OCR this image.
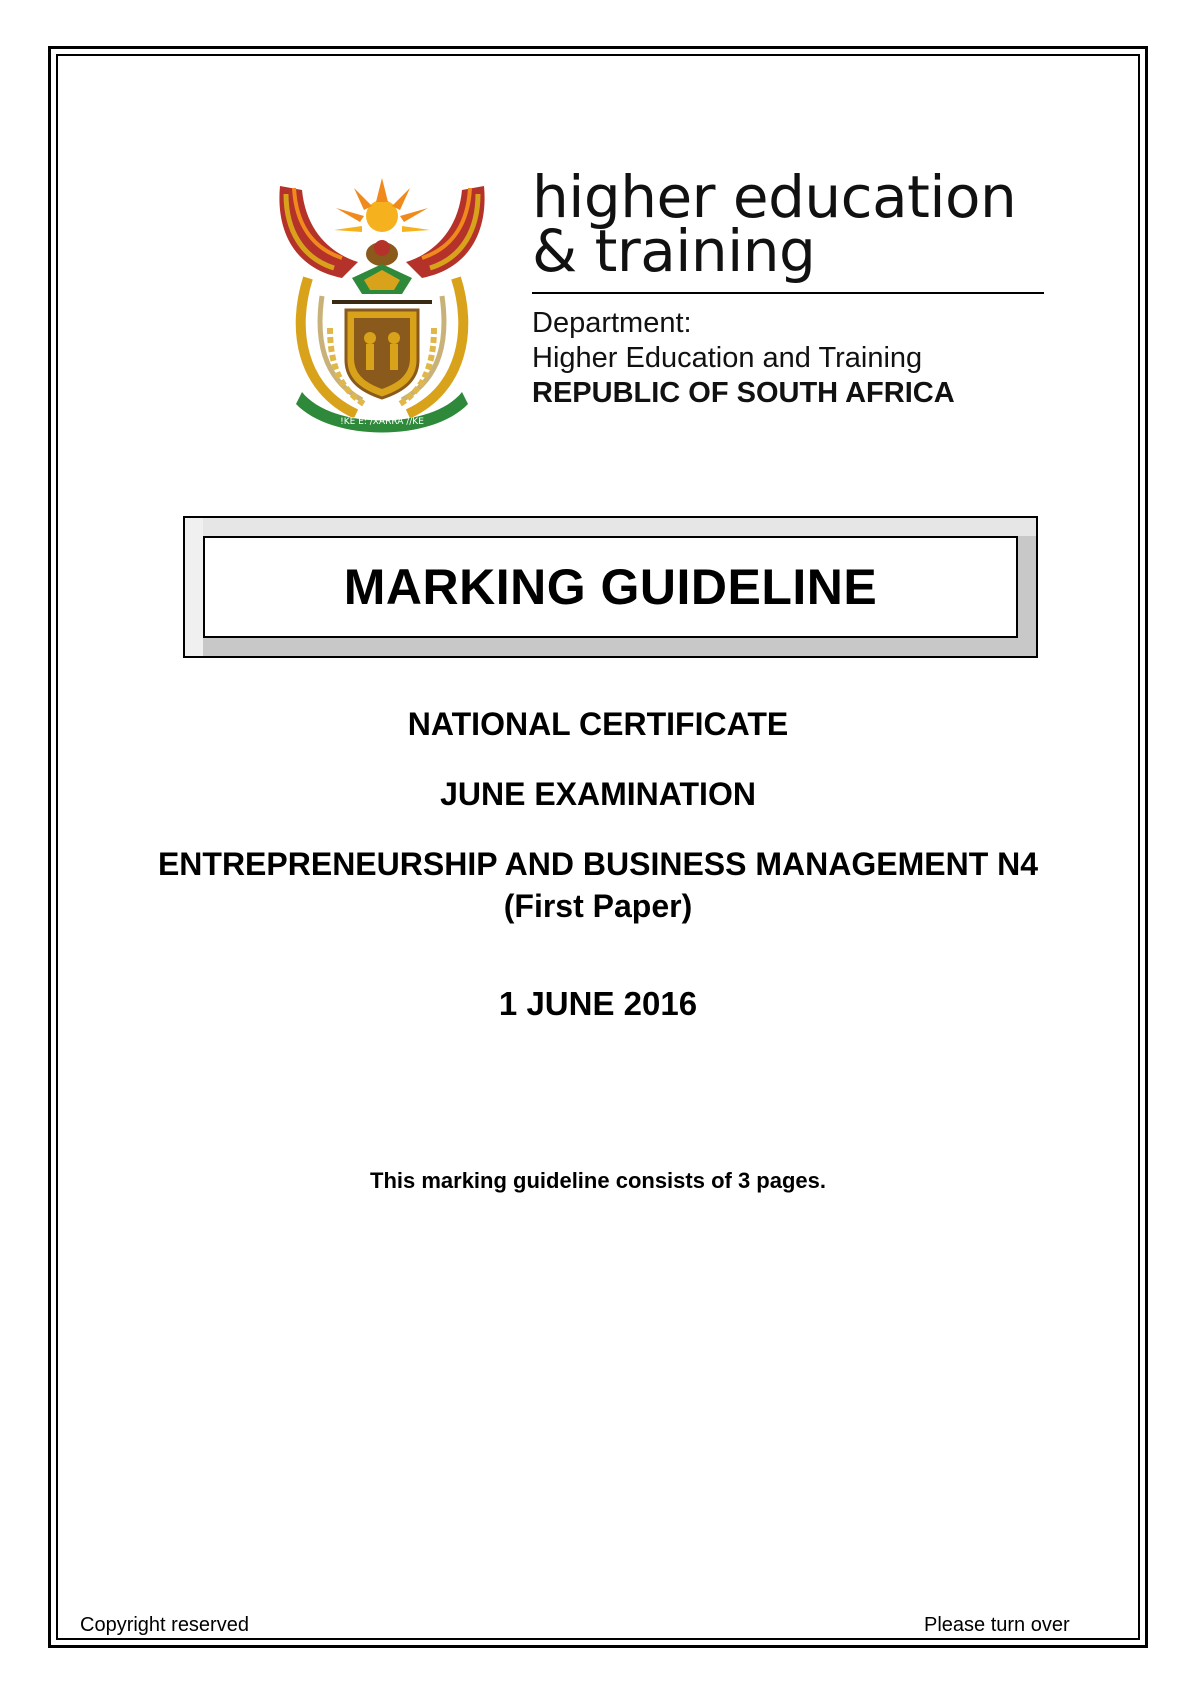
!KE E: /XARRA //KE
higher education
& training
Department:
Higher Education and Training
REPUBLIC OF SOUTH AFRICA
MARKING GUIDELINE
NATIONAL CERTIFICATE
JUNE EXAMINATION
ENTREPRENEURSHIP AND BUSINESS MANAGEMENT N4
(First Paper)
1 JUNE 2016
This marking guideline consists of 3 pages.
Copyright reserved	Please turn over
